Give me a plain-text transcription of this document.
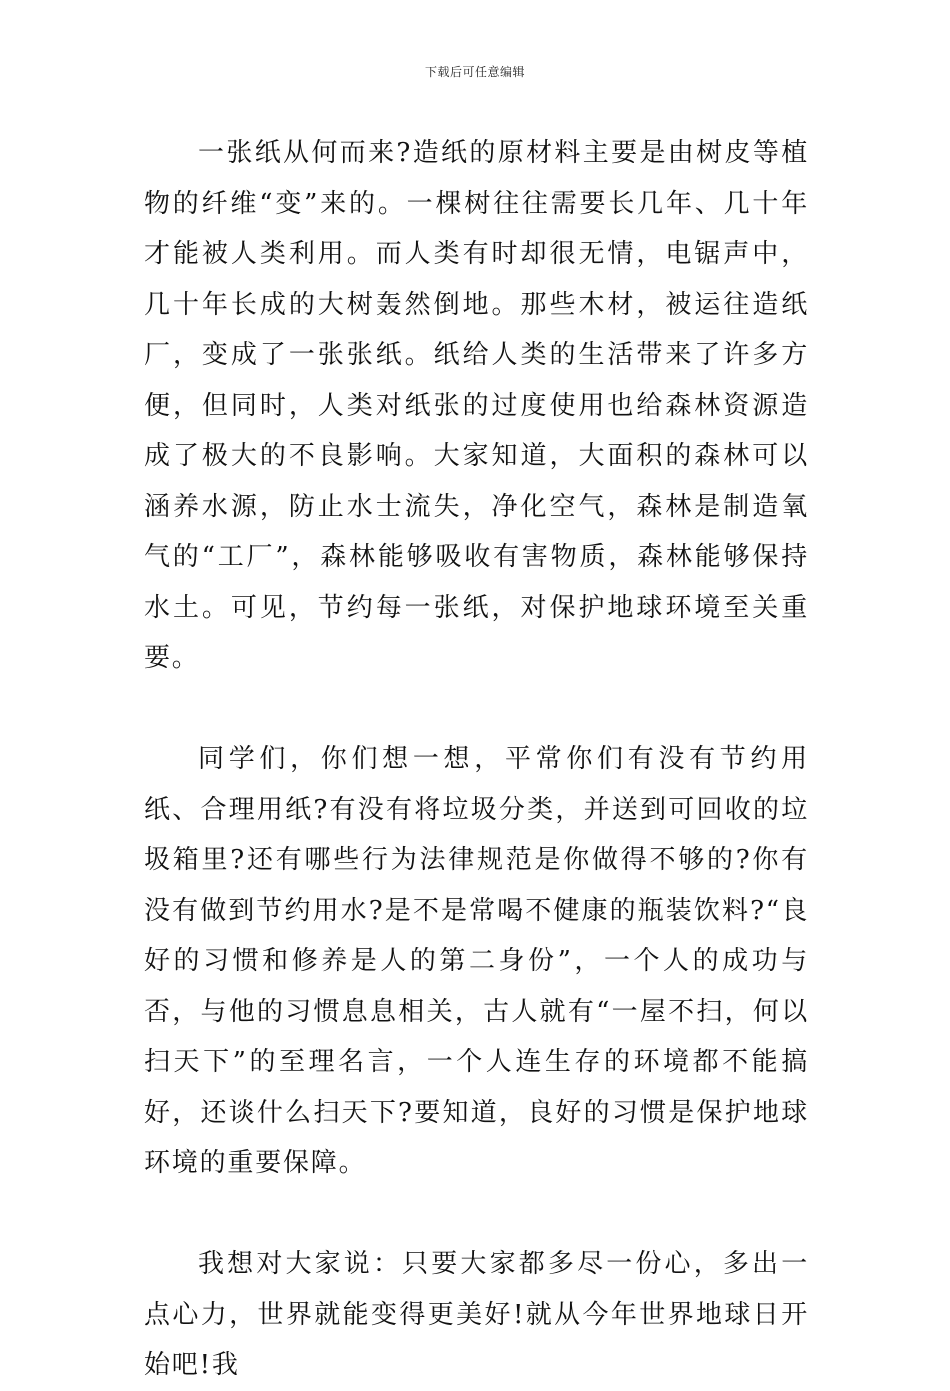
下载后可任意编辑

一张纸从何而来?造纸的原材料主要是由树皮等植物的纤维“变”来的。一棵树往往需要长几年、几十年才能被人类利用。而人类有时却很无情，电锯声中，几十年长成的大树轰然倒地。那些木材，被运往造纸厂，变成了一张张纸。纸给人类的生活带来了许多方便，但同时，人类对纸张的过度使用也给森林资源造成了极大的不良影响。大家知道，大面积的森林可以涵养水源，防止水士流失，净化空气，森林是制造氧气的“工厂”，森林能够吸收有害物质，森林能够保持水土。可见，节约每一张纸，对保护地球环境至关重要。

同学们，你们想一想，平常你们有没有节约用纸、合理用纸?有没有将垃圾分类，并送到可回收的垃圾箱里?还有哪些行为法律规范是你做得不够的?你有没有做到节约用水?是不是常喝不健康的瓶装饮料?“良好的习惯和修养是人的第二身份”，一个人的成功与否，与他的习惯息息相关，古人就有“一屋不扫，何以扫天下”的至理名言，一个人连生存的环境都不能搞好，还谈什么扫天下?要知道，良好的习惯是保护地球环境的重要保障。

我想对大家说：只要大家都多尽一份心，多出一点心力，世界就能变得更美好!就从今年世界地球日开始吧!我
